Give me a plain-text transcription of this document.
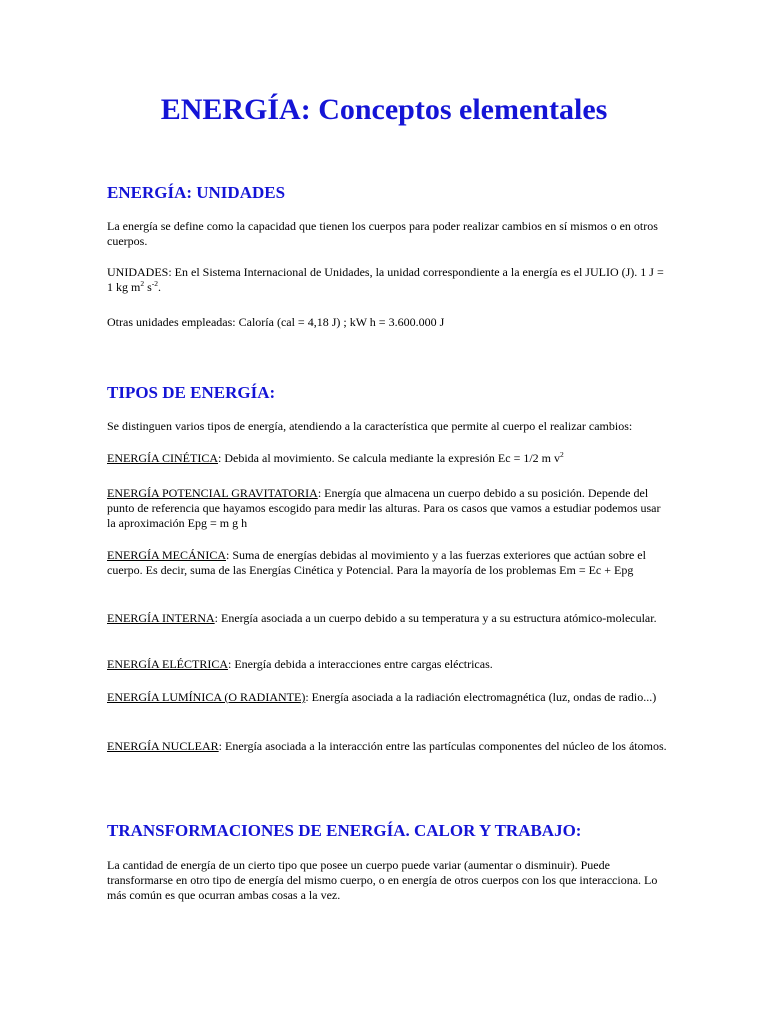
ENERGÍA: Conceptos elementales
ENERGÍA: UNIDADES

La energía se define como la capacidad que tienen los cuerpos para poder realizar cambios en sí mismos o en otros cuerpos.

UNIDADES: En el Sistema Internacional de Unidades, la unidad correspondiente a la energía es el JULIO (J). 1 J = 1 kg $m^2$ $s^{-2}$.

Otras unidades empleadas: Caloría (cal = 4,18 J) ; kW h = 3.600.000 J

TIPOS DE ENERGÍA:

Se distinguen varios tipos de energía, atendiendo a la característica que permite al cuerpo el realizar cambios:

ENERGÍA CINÉTICA: Debida al movimiento. Se calcula mediante la expresión Ec = 1/2 m $v^2$

ENERGÍA POTENCIAL GRAVITATORIA: Energía que almacena un cuerpo debido a su posición. Depende del punto de referencia que hayamos escogido para medir las alturas. Para os casos que vamos a estudiar podemos usar la aproximación Epg = m g h

ENERGÍA MECÁNICA: Suma de energías debidas al movimiento y a las fuerzas exteriores que actúan sobre el cuerpo. Es decir, suma de las Energías Cinética y Potencial. Para la mayoría de los problemas Em = Ec + Epg

ENERGÍA INTERNA: Energía asociada a un cuerpo debido a su temperatura y a su estructura atómico-molecular.

ENERGÍA ELÉCTRICA: Energía debida a interacciones entre cargas eléctricas.

ENERGÍA LUMÍNICA (O RADIANTE): Energía asociada a la radiación electromagnética (luz, ondas de radio...)

ENERGÍA NUCLEAR: Energía asociada a la interacción entre las partículas componentes del núcleo de los átomos.

TRANSFORMACIONES DE ENERGÍA. CALOR Y TRABAJO:

La cantidad de energía de un cierto tipo que posee un cuerpo puede variar (aumentar o disminuir). Puede transformarse en otro tipo de energía del mismo cuerpo, o en energía de otros cuerpos con los que interacciona. Lo más común es que ocurran ambas cosas a la vez.
